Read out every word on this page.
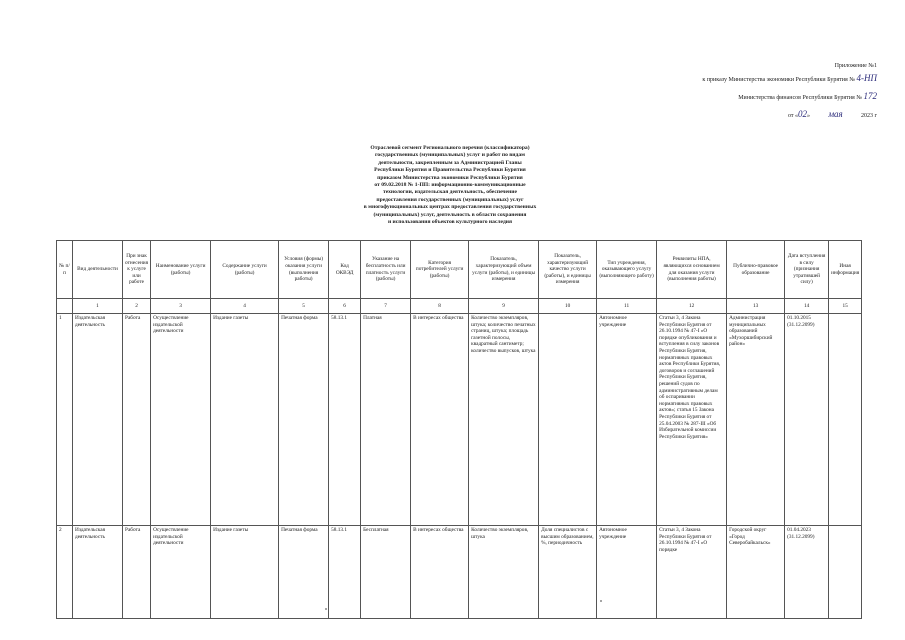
Приложение №1
к приказу Министерства экономики Республики Бурятия № 4-НП
Министерства финансов Республики Бурятия № 172
от «02» мая	2023 г
Отраслевой сегмент Регионального перечня (классификатора)
государственных (муниципальных) услуг и работ по видам
деятельности, закрепленным за Администрацией Главы
Республики Бурятия и Правительства Республики Бурятия
приказом Министерства экономики Республики Бурятия
от 09.02.2018 № 1-ПП: информационно-коммуникационные
технологии, издательская деятельность, обеспечение
предоставления государственных (муниципальных) услуг
в многофункциональных центрах предоставления государственных
(муниципальных) услуг, деятельность в области сохранения
и использования объектов культурного наследия
№ п/п	Вид деятельности	При знак отнесения к услуге или работе	Наименование услуги (работы)	Содержание услуги (работы)	Условия (формы) оказания услуги (выполнения работы)	Код ОКВЭД	Указание на бесплатность или платность услуги (работы)	Категория потребителей услуги (работы)	Показатель, характеризующий объем услуги (работы), и единицы измерения	Показатель, характеризующий качество услуги (работы), и единицы измерения	Тип учреждения, оказывающего услугу (выполняющего работу)	Реквизиты НПА, являющихся основанием для оказания услуги (выполнения работы)	Публично-правовое образование	Дата вступления в силу (признания утратившей силу)	Иная информация
	1	2	3	4	5	6	7	8	9	10	11	12	13	14	15
1	Издательская деятельность	Работа	Осуществление издательской деятельности	Издание газеты	Печатная форма	58.13.1	Платная	В интересах общества	Количество экземпляров, штука; количество печатных страниц, штука; площадь газетной полосы, квадратный сантиметр; количество выпусков, штука		Автономное учреждение	Статьи 3, 4 Закона Республики Бурятия от 26.10.1994 № 47-I «О порядке опубликования и вступления в силу законов Республики Бурятия, нормативных правовых актов Республики Бурятия, договоров и соглашений Республики Бурятия, решений судов по административным делам об оспаривании нормативных правовых актов»; статья 15 Закона Республики Бурятия от 25.04.2003 № 287-III «Об Избирательной комиссии Республики Бурятия»	Администрация муниципальных образований «Мухоршибирский район»	01.10.2015 (31.12.2099)	
2	Издательская деятельность	Работа	Осуществление издательской деятельности	Издание газеты	Печатная форма	58.13.1	Бесплатная	В интересах общества	Количество экземпляров, штука	Доля специалистов с высшим образованием, %, периодичность	Автономное учреждение	Статьи 3, 4 Закона Республики Бурятия от 26.10.1994 № 47-I «О порядке	Городской округ «Город Северобайкальск»	01.04.2023 (31.12.2099)	
